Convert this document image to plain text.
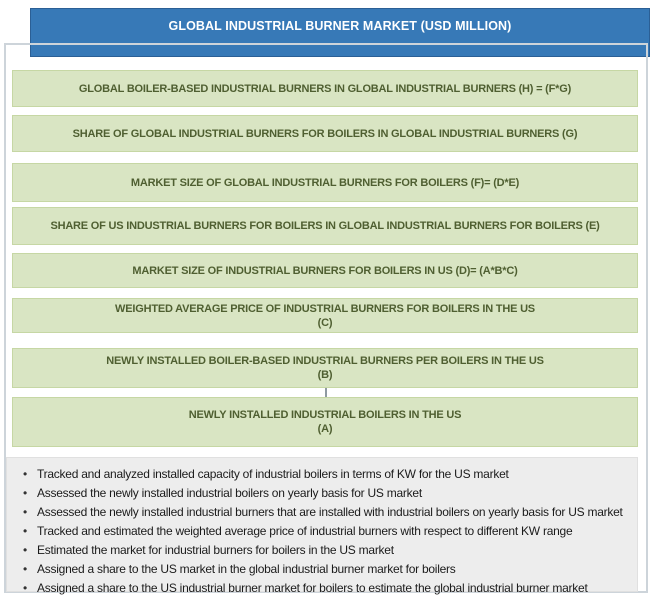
GLOBAL INDUSTRIAL BURNER MARKET (USD MILLION)
GLOBAL BOILER-BASED INDUSTRIAL BURNERS IN GLOBAL INDUSTRIAL BURNERS (H) = (F*G)
SHARE OF GLOBAL INDUSTRIAL BURNERS FOR BOILERS IN GLOBAL INDUSTRIAL BURNERS (G)
MARKET SIZE OF GLOBAL INDUSTRIAL BURNERS FOR BOILERS (F)= (D*E)
SHARE OF US INDUSTRIAL BURNERS FOR BOILERS IN GLOBAL INDUSTRIAL BURNERS FOR BOILERS (E)
MARKET SIZE OF INDUSTRIAL BURNERS FOR BOILERS IN US (D)= (A*B*C)
WEIGHTED AVERAGE PRICE OF INDUSTRIAL BURNERS FOR BOILERS IN THE US
(C)
NEWLY INSTALLED BOILER-BASED INDUSTRIAL BURNERS PER BOILERS IN THE US
(B)
NEWLY INSTALLED INDUSTRIAL BOILERS IN THE US
(A)
• Tracked and analyzed installed capacity of industrial boilers in terms of KW for the US market
• Assessed the newly installed industrial boilers on yearly basis for US market
• Assessed the newly installed industrial burners that are installed with industrial boilers on yearly basis for US market
• Tracked and estimated the weighted average price of industrial burners with respect to different KW range
• Estimated the market for industrial burners for boilers in the US market
• Assigned a share to the US market in the global industrial burner market for boilers
• Assigned a share to the US industrial burner market for boilers to estimate the global industrial burner market
